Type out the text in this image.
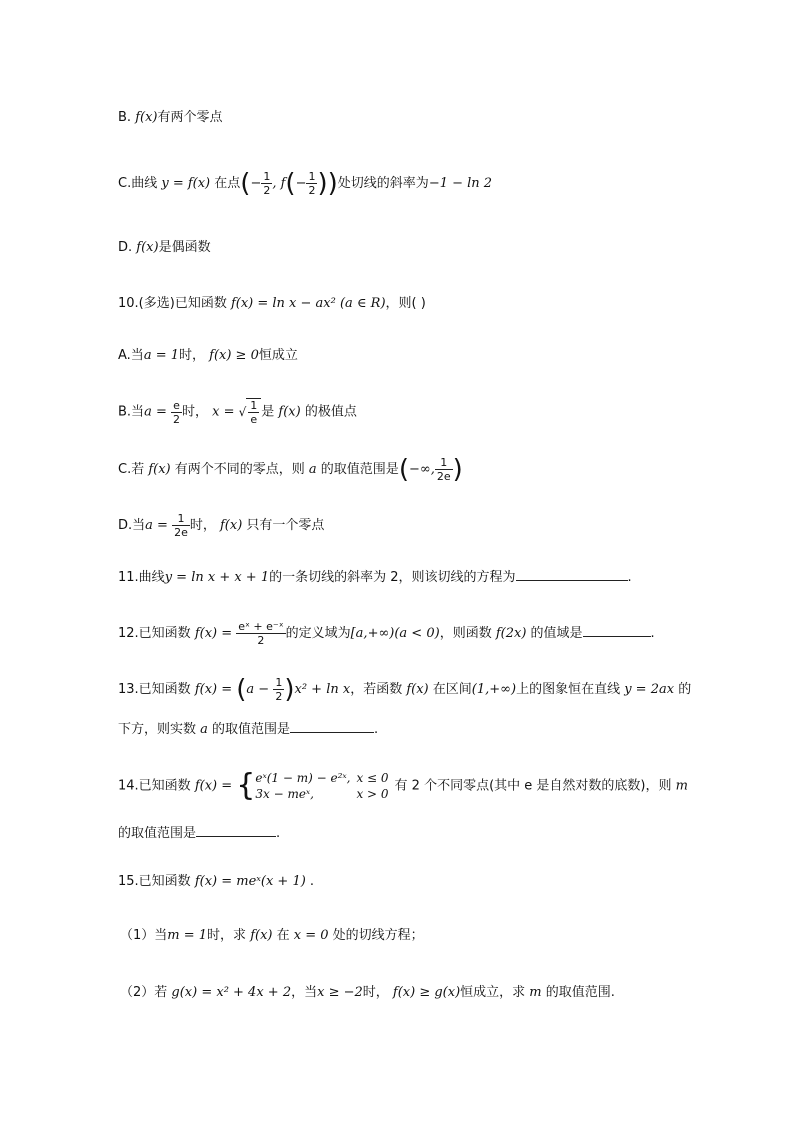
B. f(x)有两个零点
C.曲线 y = f(x) 在点(− $\frac{1}{2}$ , $f(- \frac{1}{2}$ ))处切线的斜率为−1 − ln 2
D. f(x)是偶函数
10.(多选)已知函数 f(x) = ln x − ax² (a ∈ R)，则( )
A.当a = 1时， f(x) ≥ 0恒成立
B.当$a = \frac{e}{2}$ 时， x = √ $\frac{1}{e}$ 是 f(x) 的极值点
C.若 f(x) 有两个不同的零点，则 a 的取值范围是(−∞, $\frac{1}{2e}$ )
D.当$a = \frac{1}{2e}$ 时， f(x) 只有一个零点
11.曲线y = ln x + x + 1的一条切线的斜率为 2，则该切线的方程为	.
12.已知函数 $f(x) = \frac{\text{eˣ + e⁻ˣ}}{2}$ 的定义域为[a,+∞)(a < 0)，则函数 f(2x) 的值域是	.
13.已知函数 $f(x) = (a - \frac{1}{2} )x^2 + \ln x$，若函数 f(x) 在区间(1,+∞)上的图象恒在直线 y = 2ax 的
下方，则实数 a 的取值范围是	.
14.已知函数 f(x) = { eˣ(1 − m) − e²ˣ,	x ≤ 0
3x − meˣ,	x > 0有 2 个不同零点(其中 e 是自然对数的底数)，则 m
的取值范围是	.
15.已知函数 f(x) = meˣ(x + 1) .
（1）当m = 1时，求 f(x) 在 x = 0 处的切线方程；
（2）若 g(x) = x² + 4x + 2，当x ≥ −2时， f(x) ≥ g(x)恒成立，求 m 的取值范围.
